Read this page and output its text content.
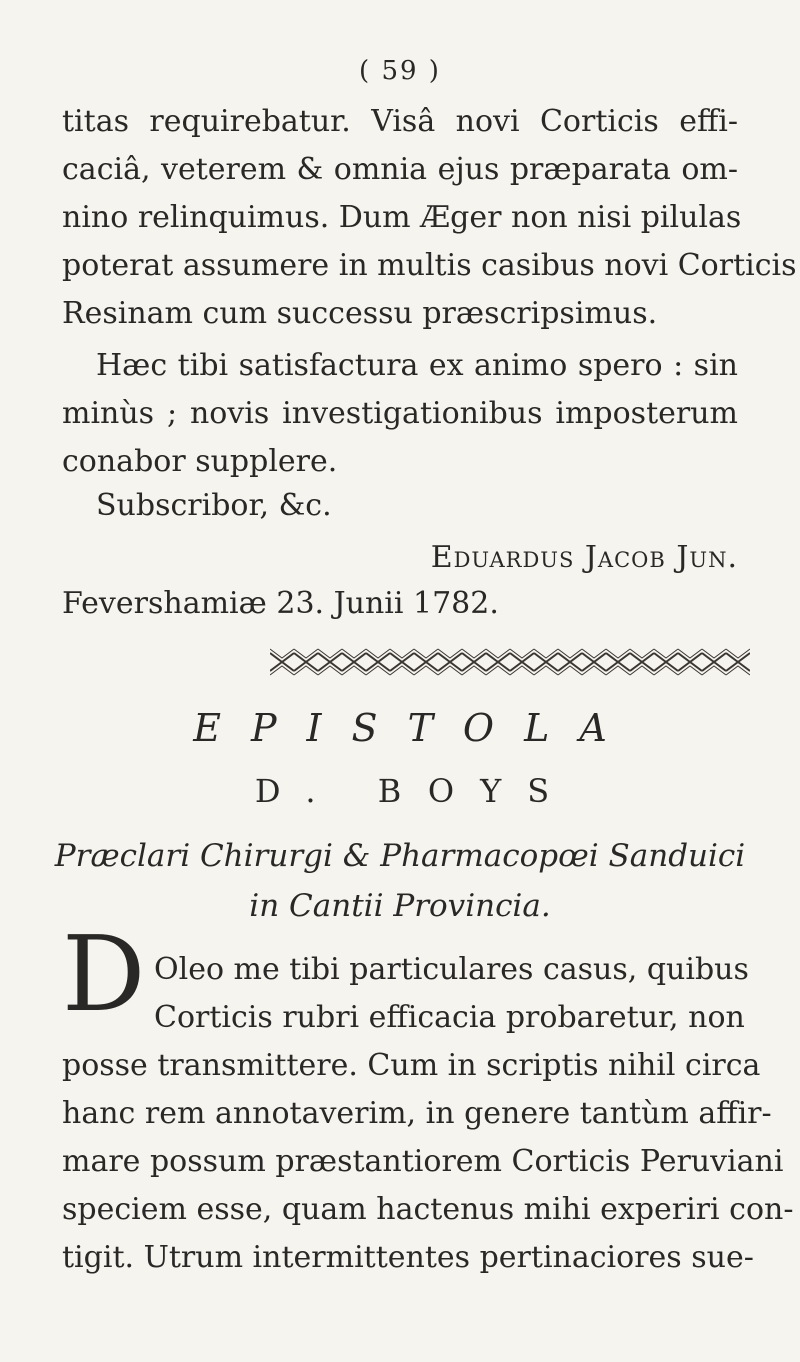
( 59 )
titas requirebatur. Visâ novi Corticis effi-
caciâ, veterem & omnia ejus præparata om-
nino relinquimus. Dum Æger non nisi pilulas
poterat assumere in multis casibus novi Corticis
Resinam cum successu præscripsimus.
Hæc tibi satisfactura ex animo spero : sin
minùs ; novis investigationibus imposterum
conabor supplere.
Subscribor, &c.
Eduardus Jacob Jun.
Fevershamiæ 23. Junii 1782.
EPISTOLA
D. BOYS
Præclari Chirurgi & Pharmacopœi Sanduici
in Cantii Provincia.
D Oleo me tibi particulares casus, quibus
Corticis rubri efficacia probaretur, non
posse transmittere. Cum in scriptis nihil circa
hanc rem annotaverim, in genere tantùm affir-
mare possum præstantiorem Corticis Peruviani
speciem esse, quam hactenus mihi experiri con-
tigit. Utrum intermittentes pertinaciores sue-
